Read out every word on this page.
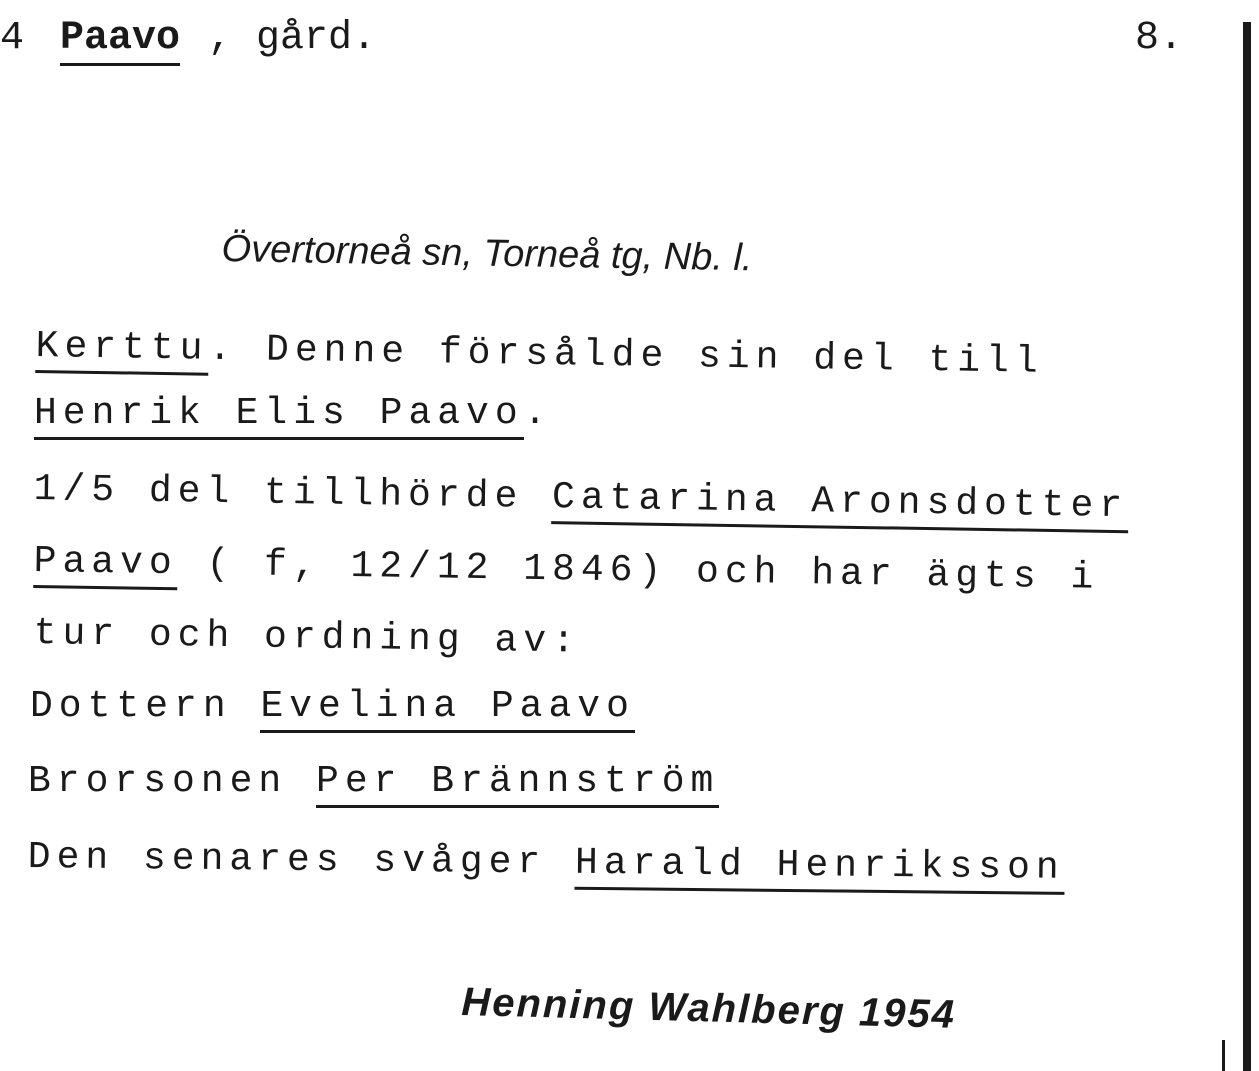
4 Paavo , gård.	8.
Övertorneå sn, Torneå tg, Nb. l.
Kerttu. Denne försålde sin del till
Henrik Elis Paavo.
1/5 del tillhörde Catarina Aronsdotter
Paavo ( f, 12/12 1846) och har ägts i
tur och ordning av:
Dottern Evelina Paavo
Brorsonen Per Brännström
Den senares svåger Harald Henriksson
Henning Wahlberg 1954
